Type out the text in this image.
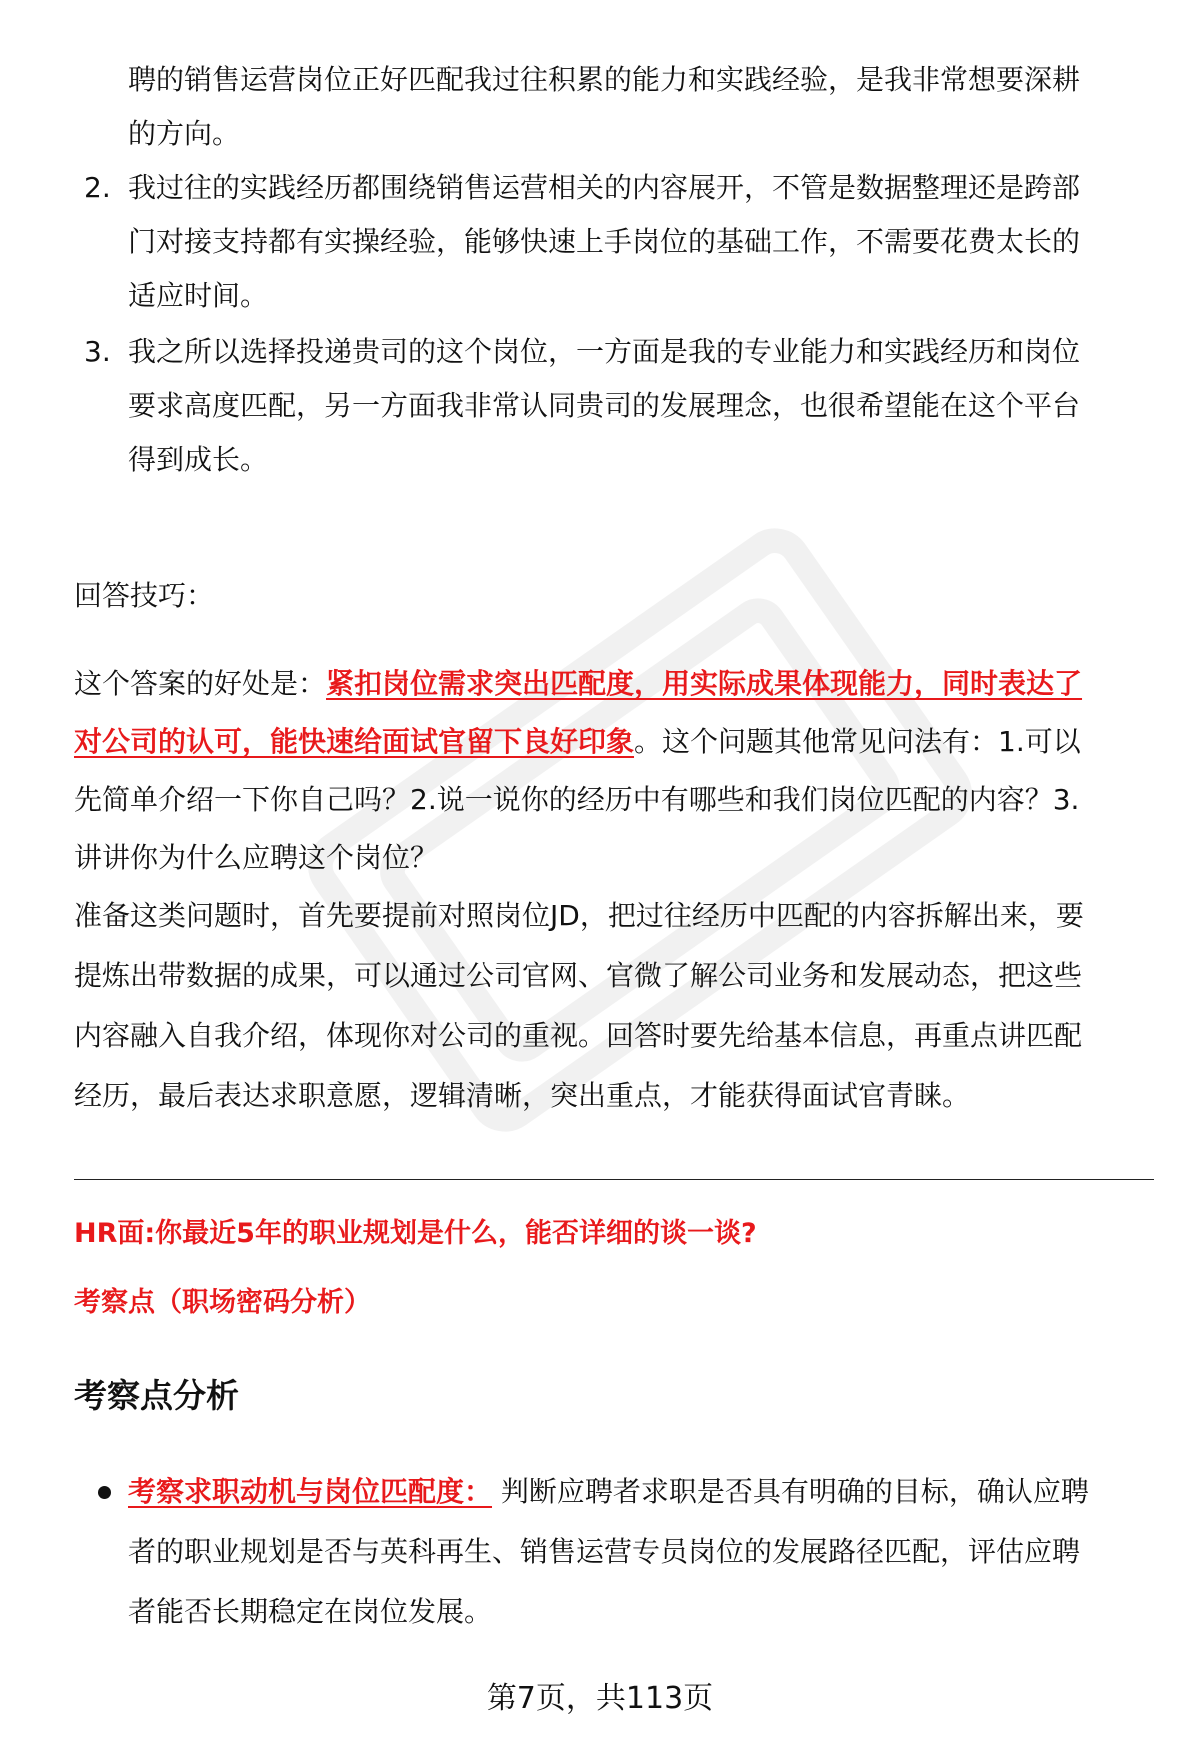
聘的销售运营岗位正好匹配我过往积累的能力和实践经验，是我非常想要深耕

的方向。

2. 我过往的实践经历都围绕销售运营相关的内容展开，不管是数据整理还是跨部

门对接支持都有实操经验，能够快速上手岗位的基础工作，不需要花费太长的

适应时间。

3. 我之所以选择投递贵司的这个岗位，一方面是我的专业能力和实践经历和岗位

要求高度匹配，另一方面我非常认同贵司的发展理念，也很希望能在这个平台

得到成长。

回答技巧：

这个答案的好处是：紧扣岗位需求突出匹配度，用实际成果体现能力，同时表达了

对公司的认可，能快速给面试官留下良好印象。这个问题其他常见问法有：1.可以

先简单介绍一下你自己吗？2.说一说你的经历中有哪些和我们岗位匹配的内容？3.

讲讲你为什么应聘这个岗位？

准备这类问题时，首先要提前对照岗位JD，把过往经历中匹配的内容拆解出来，要

提炼出带数据的成果，可以通过公司官网、官微了解公司业务和发展动态，把这些

内容融入自我介绍，体现你对公司的重视。回答时要先给基本信息，再重点讲匹配

经历，最后表达求职意愿，逻辑清晰，突出重点，才能获得面试官青睐。

HR面:你最近5年的职业规划是什么，能否详细的谈一谈?
考察点（职场密码分析）
考察点分析

考察求职动机与岗位匹配度： 判断应聘者求职是否具有明确的目标，确认应聘

者的职业规划是否与英科再生、销售运营专员岗位的发展路径匹配，评估应聘

者能否长期稳定在岗位发展。

第7页，共113页
